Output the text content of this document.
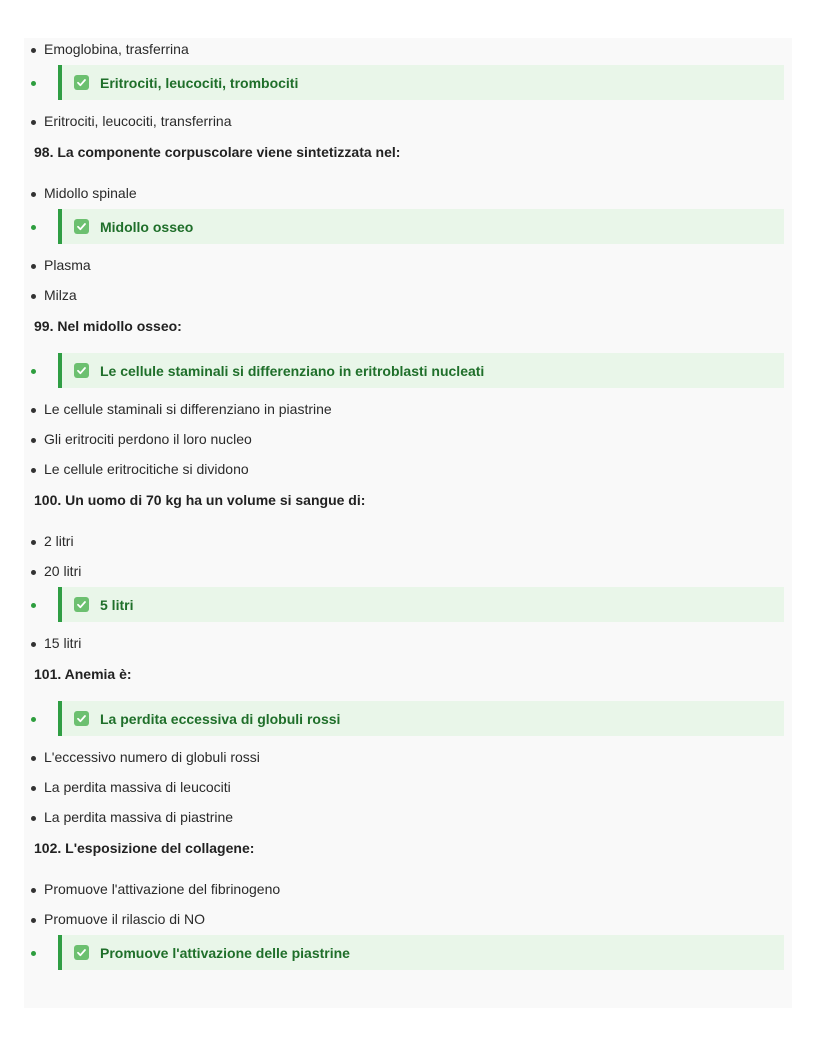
Emoglobina, trasferrina
Eritrociti, leucociti, trombociti
Eritrociti, leucociti, transferrina
98. La componente corpuscolare viene sintetizzata nel:
Midollo spinale
Midollo osseo
Plasma
Milza
99. Nel midollo osseo:
Le cellule staminali si differenziano in eritroblasti nucleati
Le cellule staminali si differenziano in piastrine
Gli eritrociti perdono il loro nucleo
Le cellule eritrocitiche si dividono
100. Un uomo di 70 kg ha un volume si sangue di:
2 litri
20 litri
5 litri
15 litri
101. Anemia è:
La perdita eccessiva di globuli rossi
L'eccessivo numero di globuli rossi
La perdita massiva di leucociti
La perdita massiva di piastrine
102. L'esposizione del collagene:
Promuove l'attivazione del fibrinogeno
Promuove il rilascio di NO
Promuove l'attivazione delle piastrine
